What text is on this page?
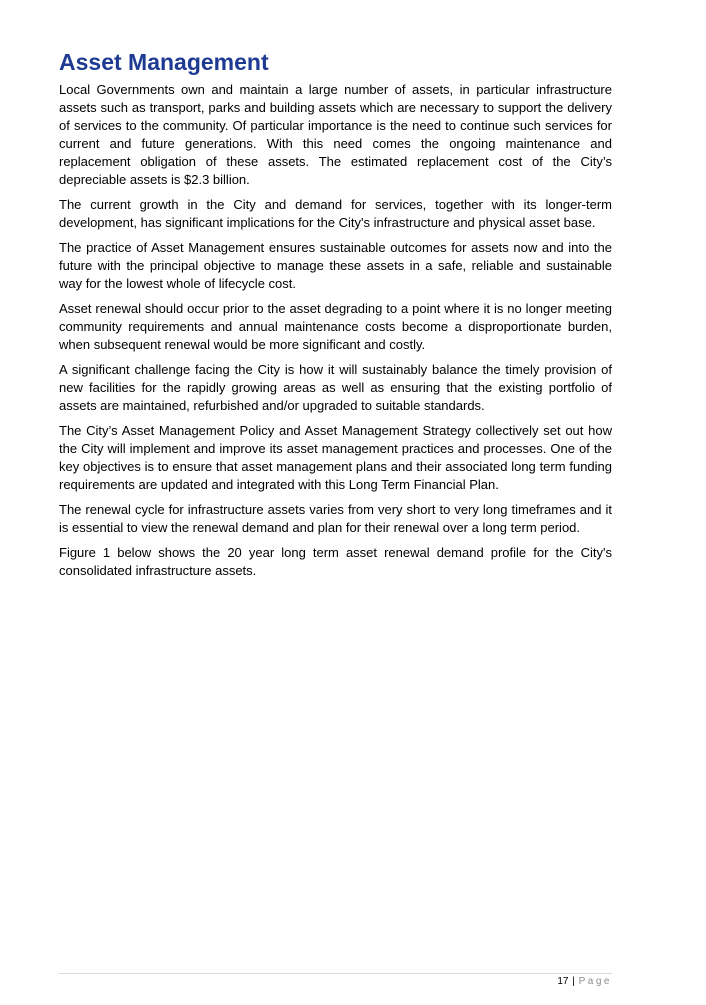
Asset Management

Local Governments own and maintain a large number of assets, in particular infrastructure assets such as transport, parks and building assets which are necessary to support the delivery of services to the community. Of particular importance is the need to continue such services for current and future generations. With this need comes the ongoing maintenance and replacement obligation of these assets. The estimated replacement cost of the City’s depreciable assets is $2.3 billion.

The current growth in the City and demand for services, together with its longer-term development, has significant implications for the City's infrastructure and physical asset base.

The practice of Asset Management ensures sustainable outcomes for assets now and into the future with the principal objective to manage these assets in a safe, reliable and sustainable way for the lowest whole of lifecycle cost.

Asset renewal should occur prior to the asset degrading to a point where it is no longer meeting community requirements and annual maintenance costs become a disproportionate burden, when subsequent renewal would be more significant and costly.

A significant challenge facing the City is how it will sustainably balance the timely provision of new facilities for the rapidly growing areas as well as ensuring that the existing portfolio of assets are maintained, refurbished and/or upgraded to suitable standards.

The City’s Asset Management Policy and Asset Management Strategy collectively set out how the City will implement and improve its asset management practices and processes. One of the key objectives is to ensure that asset management plans and their associated long term funding requirements are updated and integrated with this Long Term Financial Plan.

The renewal cycle for infrastructure assets varies from very short to very long timeframes and it is essential to view the renewal demand and plan for their renewal over a long term period.

Figure 1 below shows the 20 year long term asset renewal demand profile for the City's consolidated infrastructure assets.

17 | Page
